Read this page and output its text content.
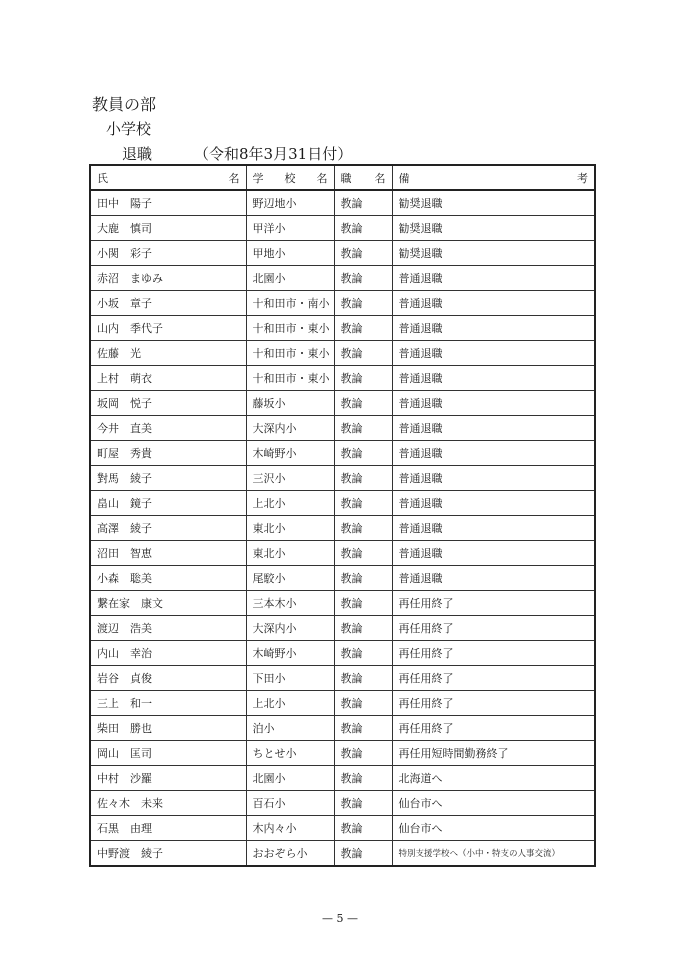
教員の部
小学校
退職	（令和8年3月31日付）
氏 名	学 校 名	職 名	備 考

田中　陽子	野辺地小	教論	勧奨退職
大鹿　慎司	甲洋小	教論	勧奨退職
小関　彩子	甲地小	教論	勧奨退職
赤沼　まゆみ	北園小	教論	普通退職
小坂　章子	十和田市・南小	教論	普通退職
山内　季代子	十和田市・東小	教論	普通退職
佐藤　光	十和田市・東小	教論	普通退職
上村　萌衣	十和田市・東小	教論	普通退職
坂岡　悦子	藤坂小	教論	普通退職
今井　直美	大深内小	教論	普通退職
町屋　秀貴	木崎野小	教論	普通退職
對馬　綾子	三沢小	教論	普通退職
畠山　鏡子	上北小	教論	普通退職
高澤　綾子	東北小	教論	普通退職
沼田　智恵	東北小	教論	普通退職
小森　聡美	尾駮小	教論	普通退職
繋在家　康文	三本木小	教論	再任用終了
渡辺　浩美	大深内小	教論	再任用終了
内山　幸治	木崎野小	教論	再任用終了
岩谷　貞俊	下田小	教論	再任用終了
三上　和一	上北小	教論	再任用終了
柴田　勝也	泊小	教論	再任用終了
岡山　匡司	ちとせ小	教論	再任用短時間勤務終了
中村　沙羅	北園小	教論	北海道へ
佐々木　未来	百石小	教論	仙台市へ
石黒　由理	木内々小	教論	仙台市へ
中野渡　綾子	おおぞら小	教論	特別支援学校へ（小中・特支の人事交流）
— 5 —
